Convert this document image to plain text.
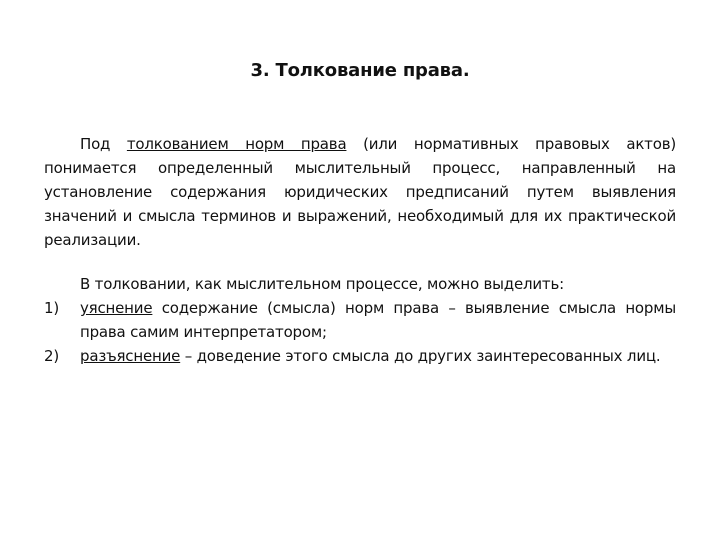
3. Толкование права.

Под толкованием норм права (или нормативных правовых актов) понимается определенный мыслительный процесс, направленный на установление содержания юридических предписаний путем выявления значений и смысла терминов и выражений, необходимый для их практической реализации.

В толковании, как мыслительном процессе, можно выделить:

1)	уяснение содержание (смысла) норм права – выявление смысла нормы права самим интерпретатором;
2)	разъяснение – доведение этого смысла до других заинтересованных лиц.
